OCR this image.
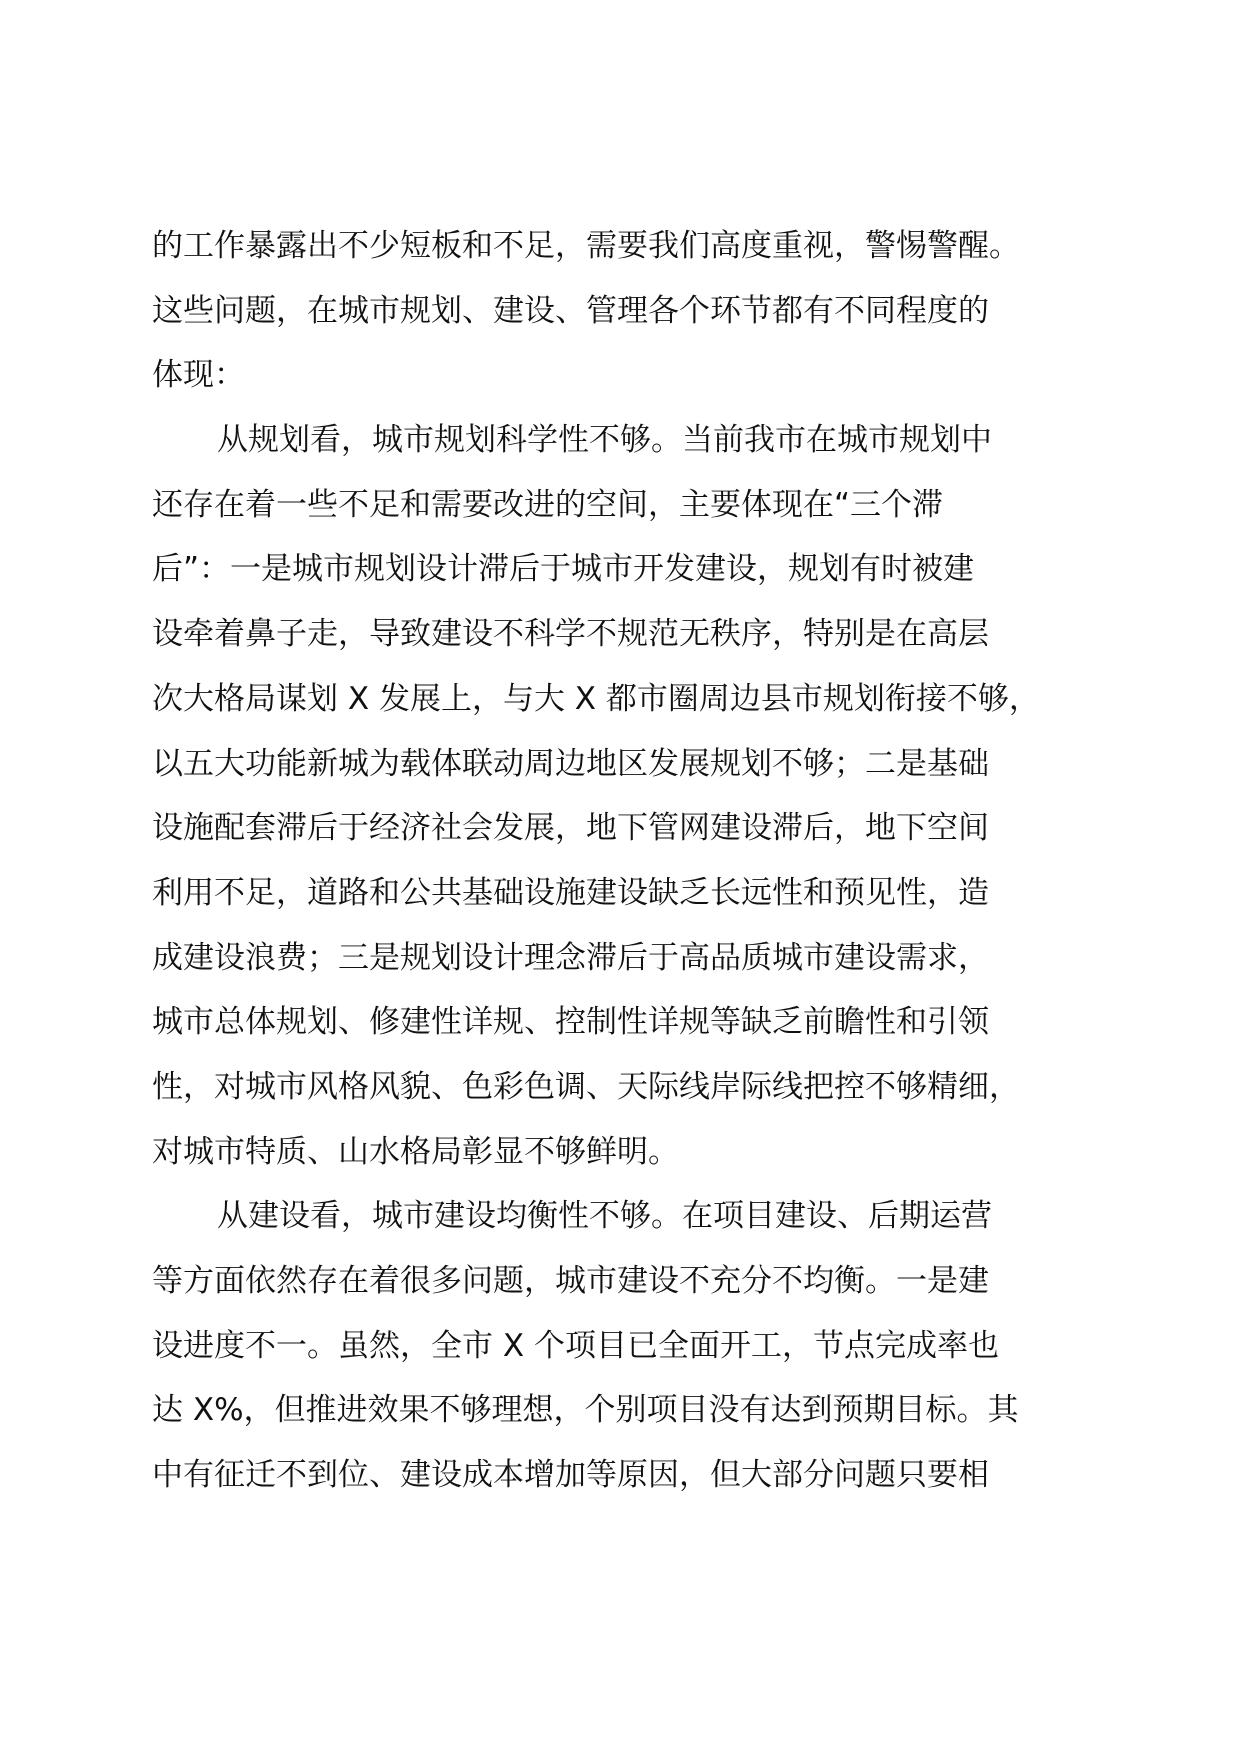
的工作暴露出不少短板和不足，需要我们高度重视，警惕警醒。
这些问题，在城市规划、建设、管理各个环节都有不同程度的
体现：
从规划看，城市规划科学性不够。当前我市在城市规划中
还存在着一些不足和需要改进的空间，主要体现在“三个滞
后”：一是城市规划设计滞后于城市开发建设，规划有时被建
设牵着鼻子走，导致建设不科学不规范无秩序，特别是在高层
次大格局谋划 X 发展上，与大 X 都市圈周边县市规划衔接不够，
以五大功能新城为载体联动周边地区发展规划不够；二是基础
设施配套滞后于经济社会发展，地下管网建设滞后，地下空间
利用不足，道路和公共基础设施建设缺乏长远性和预见性，造
成建设浪费；三是规划设计理念滞后于高品质城市建设需求，
城市总体规划、修建性详规、控制性详规等缺乏前瞻性和引领
性，对城市风格风貌、色彩色调、天际线岸际线把控不够精细，
对城市特质、山水格局彰显不够鲜明。
从建设看，城市建设均衡性不够。在项目建设、后期运营
等方面依然存在着很多问题，城市建设不充分不均衡。一是建
设进度不一。虽然，全市 X 个项目已全面开工，节点完成率也
达 X%，但推进效果不够理想，个别项目没有达到预期目标。其
中有征迁不到位、建设成本增加等原因，但大部分问题只要相
